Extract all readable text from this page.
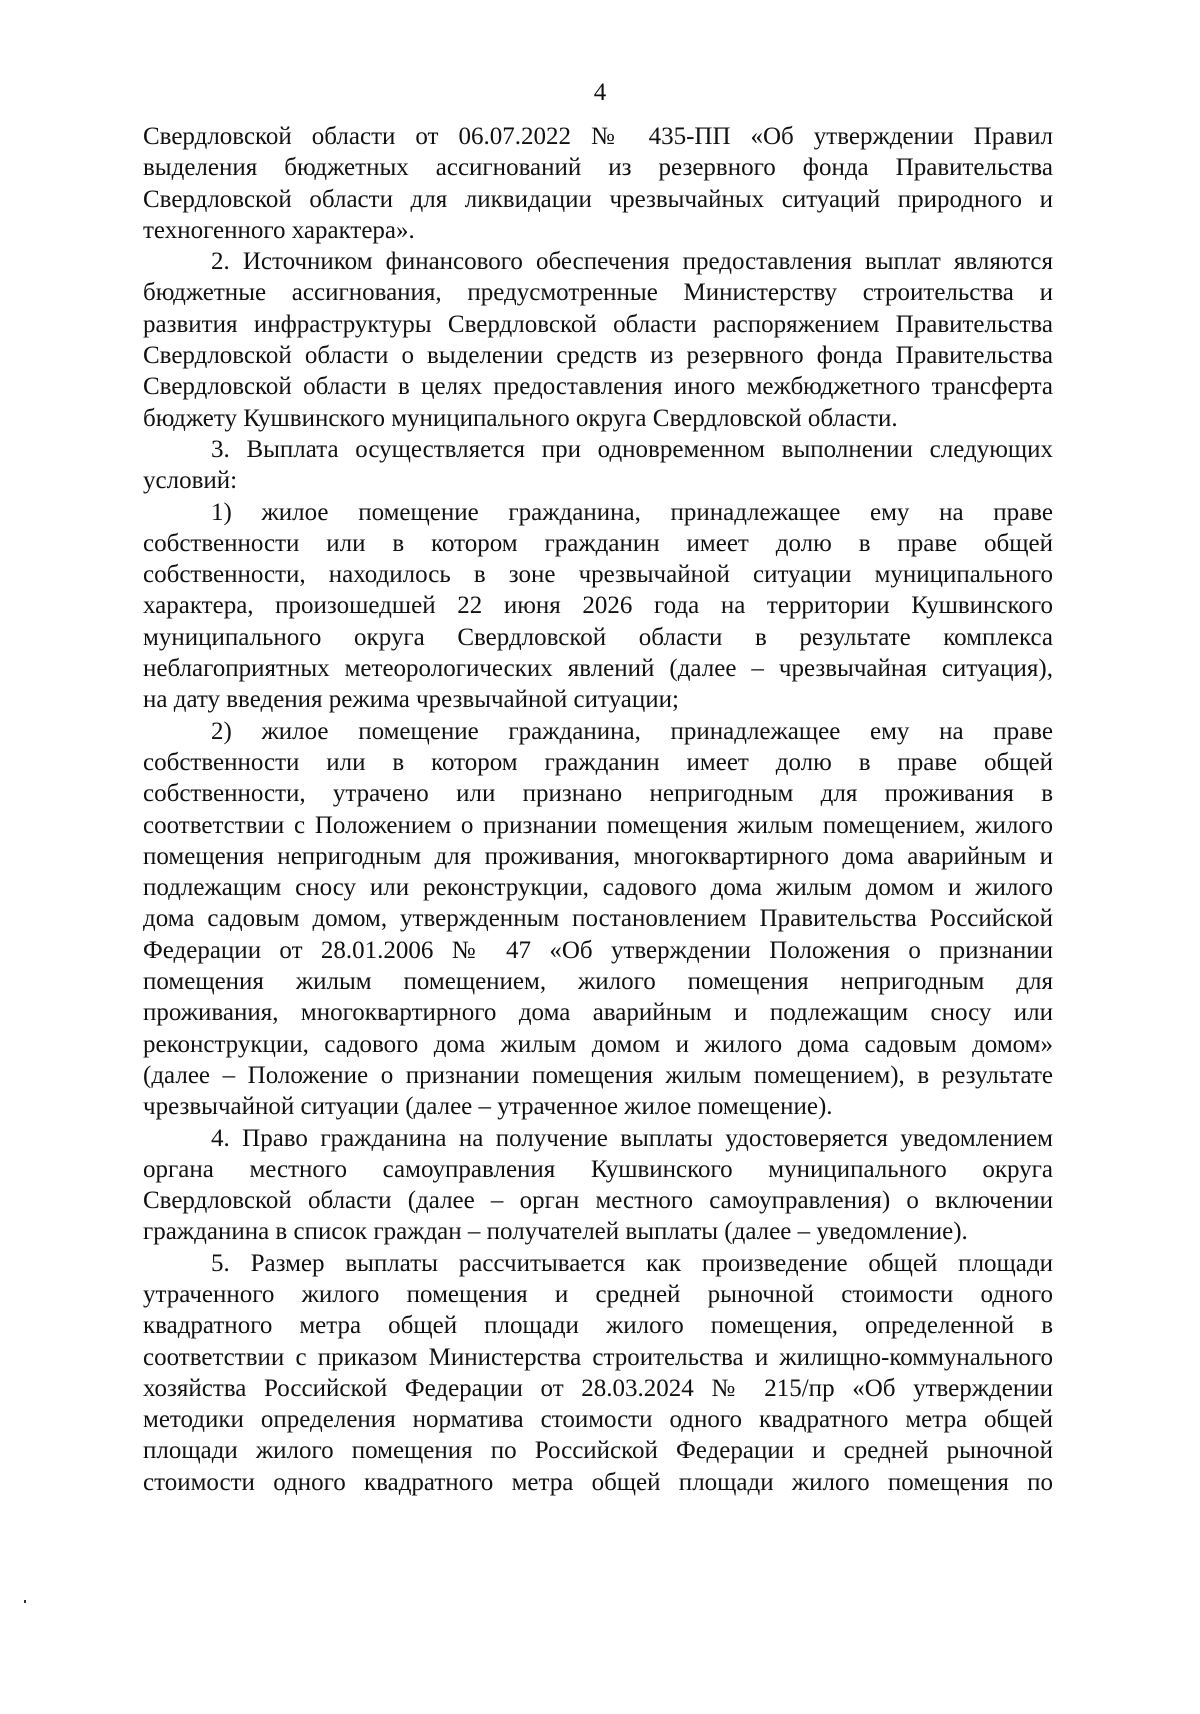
4
Свердловской области от 06.07.2022 № 435-ПП «Об утверждении Правил
выделения бюджетных ассигнований из резервного фонда Правительства
Свердловской области для ликвидации чрезвычайных ситуаций природного и
техногенного характера».
2. Источником финансового обеспечения предоставления выплат являются
бюджетные ассигнования, предусмотренные Министерству строительства и
развития инфраструктуры Свердловской области распоряжением Правительства
Свердловской области о выделении средств из резервного фонда Правительства
Свердловской области в целях предоставления иного межбюджетного трансферта
бюджету Кушвинского муниципального округа Свердловской области.
3. Выплата осуществляется при одновременном выполнении следующих
условий:
1) жилое помещение гражданина, принадлежащее ему на праве
собственности или в котором гражданин имеет долю в праве общей
собственности, находилось в зоне чрезвычайной ситуации муниципального
характера, произошедшей 22 июня 2026 года на территории Кушвинского
муниципального округа Свердловской области в результате комплекса
неблагоприятных метеорологических явлений (далее – чрезвычайная ситуация),
на дату введения режима чрезвычайной ситуации;
2) жилое помещение гражданина, принадлежащее ему на праве
собственности или в котором гражданин имеет долю в праве общей
собственности, утрачено или признано непригодным для проживания в
соответствии с Положением о признании помещения жилым помещением, жилого
помещения непригодным для проживания, многоквартирного дома аварийным и
подлежащим сносу или реконструкции, садового дома жилым домом и жилого
дома садовым домом, утвержденным постановлением Правительства Российской
Федерации от 28.01.2006 № 47 «Об утверждении Положения о признании
помещения жилым помещением, жилого помещения непригодным для
проживания, многоквартирного дома аварийным и подлежащим сносу или
реконструкции, садового дома жилым домом и жилого дома садовым домом»
(далее – Положение о признании помещения жилым помещением), в результате
чрезвычайной ситуации (далее – утраченное жилое помещение).
4. Право гражданина на получение выплаты удостоверяется уведомлением
органа местного самоуправления Кушвинского муниципального округа
Свердловской области (далее – орган местного самоуправления) о включении
гражданина в список граждан – получателей выплаты (далее – уведомление).
5. Размер выплаты рассчитывается как произведение общей площади
утраченного жилого помещения и средней рыночной стоимости одного
квадратного метра общей площади жилого помещения, определенной в
соответствии с приказом Министерства строительства и жилищно-коммунального
хозяйства Российской Федерации от 28.03.2024 № 215/пр «Об утверждении
методики определения норматива стоимости одного квадратного метра общей
площади жилого помещения по Российской Федерации и средней рыночной
стоимости одного квадратного метра общей площади жилого помещения по
